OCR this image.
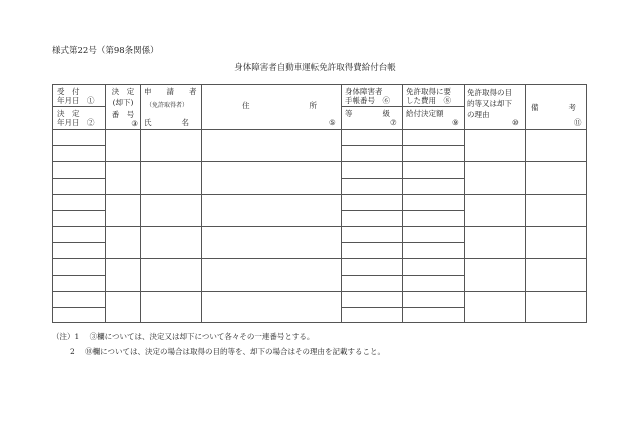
様式第22号（第98条関係）
身体障害者自動車運転免許取得費給付台帳
受　付
年月日　①
決　定
年月日　②
決　定
(却下)
番　号
③
申　　請　　者
（免許取得者）
氏　　　　名
住　　　　　　　　所
⑤
身体障害者
手帳番号　⑥
等　　　　級
⑦
免許取得に要
した費用　⑧
給付決定額
⑨
免許取得の目
的等又は却下
の理由
⑩
備　　　　考
⑪
（注）1 ③欄については、決定又は却下について各々その一連番号とする。
2 ⑩欄については、決定の場合は取得の目的等を、却下の場合はその理由を記載すること。
